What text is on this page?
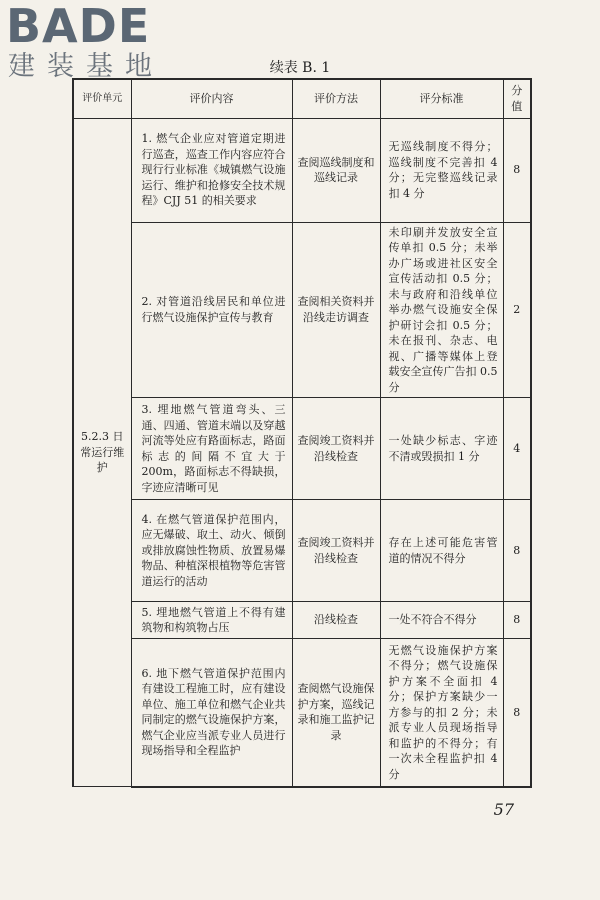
BADE
建装基地	续表 B. 1
评价单元	评价内容	评价方法	评分标准	分值
5.2.3 日常运行维护	1. 燃气企业应对管道定期进行巡查，巡查工作内容应符合现行行业标准《城镇燃气设施运行、维护和抢修安全技术规程》CJJ 51 的相关要求	查阅巡线制度和巡线记录	无巡线制度不得分；巡线制度不完善扣 4 分；无完整巡线记录扣 4 分	8
	2. 对管道沿线居民和单位进行燃气设施保护宣传与教育	查阅相关资料并沿线走访调查	未印刷并发放安全宣传单扣 0.5 分；未举办广场或进社区安全宣传活动扣 0.5 分；未与政府和沿线单位举办燃气设施安全保护研讨会扣 0.5 分；未在报刊、杂志、电视、广播等媒体上登载安全宣传广告扣 0.5 分	2
	3. 埋地燃气管道弯头、三通、四通、管道末端以及穿越河流等处应有路面标志，路面标志的间隔不宜大于 200m，路面标志不得缺损，字迹应清晰可见	查阅竣工资料并沿线检查	一处缺少标志、字迹不清或毁损扣 1 分	4
	4. 在燃气管道保护范围内，应无爆破、取土、动火、倾倒或排放腐蚀性物质、放置易爆物品、种植深根植物等危害管道运行的活动	查阅竣工资料并沿线检查	存在上述可能危害管道的情况不得分	8
	5. 埋地燃气管道上不得有建筑物和构筑物占压	沿线检查	一处不符合不得分	8
	6. 地下燃气管道保护范围内有建设工程施工时，应有建设单位、施工单位和燃气企业共同制定的燃气设施保护方案，燃气企业应当派专业人员进行现场指导和全程监护	查阅燃气设施保护方案，巡线记录和施工监护记录	无燃气设施保护方案不得分；燃气设施保护方案不全面扣 4 分；保护方案缺少一方参与的扣 2 分；未派专业人员现场指导和监护的不得分；有一次未全程监护扣 4 分	8
57
